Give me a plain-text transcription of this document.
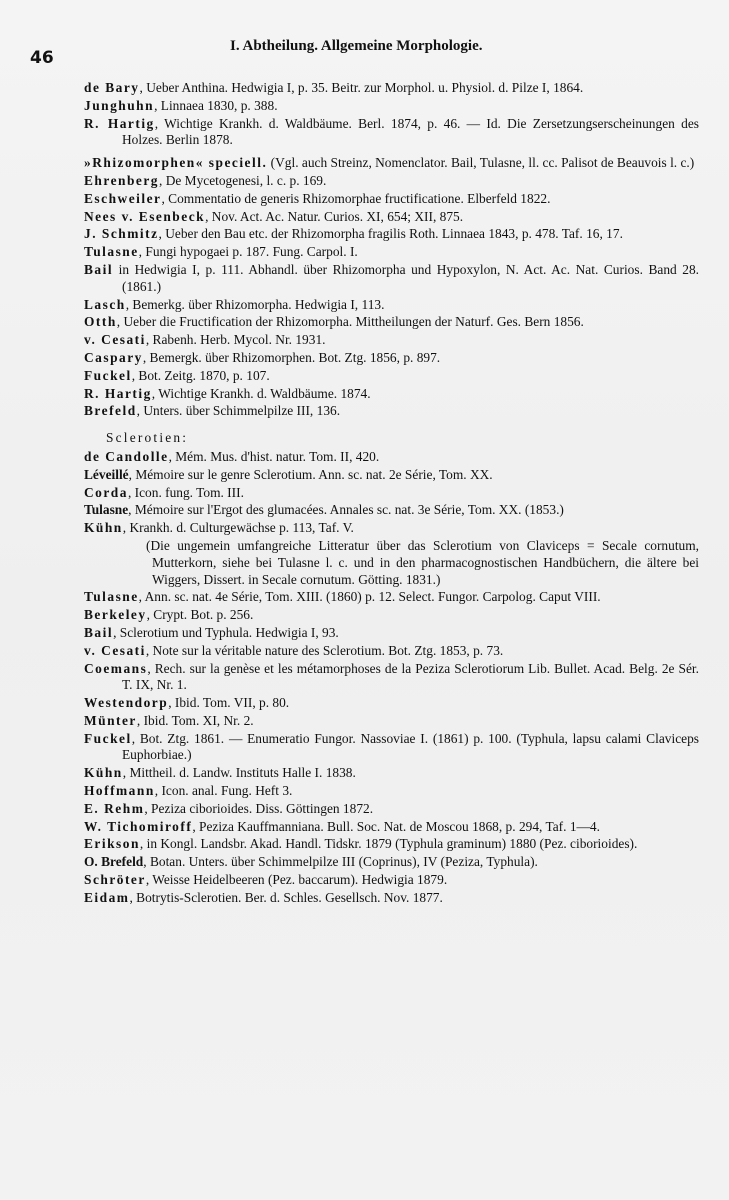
46
I. Abtheilung. Allgemeine Morphologie.

de Bary, Ueber Anthina. Hedwigia I, p. 35. Beitr. zur Morphol. u. Physiol. d. Pilze I, 1864.

Junghuhn, Linnaea 1830, p. 388.

R. Hartig, Wichtige Krankh. d. Waldbäume. Berl. 1874, p. 46. — Id. Die Zersetzungserscheinungen des Holzes. Berlin 1878.

»Rhizomorphen« speciell. (Vgl. auch Streinz, Nomenclator. Bail, Tulasne, ll. cc. Palisot de Beauvois l. c.)

Ehrenberg, De Mycetogenesi, l. c. p. 169.

Eschweiler, Commentatio de generis Rhizomorphae fructificatione. Elberfeld 1822.

Nees v. Esenbeck, Nov. Act. Ac. Natur. Curios. XI, 654; XII, 875.

J. Schmitz, Ueber den Bau etc. der Rhizomorpha fragilis Roth. Linnaea 1843, p. 478. Taf. 16, 17.

Tulasne, Fungi hypogaei p. 187. Fung. Carpol. I.

Bail in Hedwigia I, p. 111. Abhandl. über Rhizomorpha und Hypoxylon, N. Act. Ac. Nat. Curios. Band 28. (1861.)

Lasch, Bemerkg. über Rhizomorpha. Hedwigia I, 113.

Otth, Ueber die Fructification der Rhizomorpha. Mittheilungen der Naturf. Ges. Bern 1856.

v. Cesati, Rabenh. Herb. Mycol. Nr. 1931.

Caspary, Bemergk. über Rhizomorphen. Bot. Ztg. 1856, p. 897.

Fuckel, Bot. Zeitg. 1870, p. 107.

R. Hartig, Wichtige Krankh. d. Waldbäume. 1874.

Brefeld, Unters. über Schimmelpilze III, 136.

Sclerotien:

de Candolle, Mém. Mus. d'hist. natur. Tom. II, 420.

Léveillé, Mémoire sur le genre Sclerotium. Ann. sc. nat. 2e Série, Tom. XX.

Corda, Icon. fung. Tom. III.

Tulasne, Mémoire sur l'Ergot des glumacées. Annales sc. nat. 3e Série, Tom. XX. (1853.)

Kühn, Krankh. d. Culturgewächse p. 113, Taf. V.

(Die ungemein umfangreiche Litteratur über das Sclerotium von Claviceps = Secale cornutum, Mutterkorn, siehe bei Tulasne l. c. und in den pharmacognostischen Handbüchern, die ältere bei Wiggers, Dissert. in Secale cornutum. Götting. 1831.)

Tulasne, Ann. sc. nat. 4e Série, Tom. XIII. (1860) p. 12. Select. Fungor. Carpolog. Caput VIII.

Berkeley, Crypt. Bot. p. 256.

Bail, Sclerotium und Typhula. Hedwigia I, 93.

v. Cesati, Note sur la véritable nature des Sclerotium. Bot. Ztg. 1853, p. 73.

Coemans, Rech. sur la genèse et les métamorphoses de la Peziza Sclerotiorum Lib. Bullet. Acad. Belg. 2e Sér. T. IX, Nr. 1.

Westendorp, Ibid. Tom. VII, p. 80.

Münter, Ibid. Tom. XI, Nr. 2.

Fuckel, Bot. Ztg. 1861. — Enumeratio Fungor. Nassoviae I. (1861) p. 100. (Typhula, lapsu calami Claviceps Euphorbiae.)

Kühn, Mittheil. d. Landw. Instituts Halle I. 1838.

Hoffmann, Icon. anal. Fung. Heft 3.

E. Rehm, Peziza ciborioides. Diss. Göttingen 1872.

W. Tichomiroff, Peziza Kauffmanniana. Bull. Soc. Nat. de Moscou 1868, p. 294, Taf. 1—4.

Erikson, in Kongl. Landsbr. Akad. Handl. Tidskr. 1879 (Typhula graminum) 1880 (Pez. ciborioides).

O. Brefeld, Botan. Unters. über Schimmelpilze III (Coprinus), IV (Peziza, Typhula).

Schröter, Weisse Heidelbeeren (Pez. baccarum). Hedwigia 1879.

Eidam, Botrytis-Sclerotien. Ber. d. Schles. Gesellsch. Nov. 1877.
